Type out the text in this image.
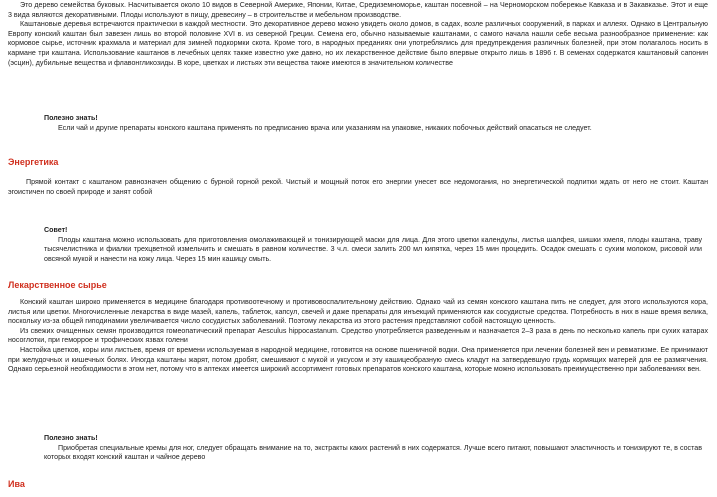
Это дерево семейства буковых. Насчитывается около 10 видов в Северной Америке, Японии, Китае, Средиземноморье, каштан посевной – на Черноморском побережье Кавказа и в Закавказье. Этот и еще 3 вида являются декоративными. Плоды используют в пищу, древесину – в строительстве и мебельном производстве.

Каштановые деревья встречаются практически в каждой местности. Это декоративное дерево можно увидеть около домов, в садах, возле различных сооружений, в парках и аллеях. Однако в Центральную Европу конский каштан был завезен лишь во второй половине XVI в. из северной Греции. Семена его, обычно называемые каштанами, с самого начала нашли себе весьма разнообразное применение: как кормовое сырье, источник крахмала и материал для зимней подкормки скота. Кроме того, в народных преданиях они употреблялись для предупреждения различных болезней, при этом полагалось носить в кармане три каштана. Использование каштанов в лечебных целях также известно уже давно, но их лекарственное действие было впервые открыто лишь в 1896 г. В семенах содержатся каштановый сапонин (эсцин), дубильные вещества и флавонгликозиды. В коре, цветках и листьях эти вещества также имеются в значительном количестве

Полезно знать!

Если чай и другие препараты конского каштана применять по предписанию врача или указаниям на упаковке, никаких побочных действий опасаться не следует.

Энергетика

Прямой контакт с каштаном равнозначен общению с бурной горной рекой. Чистый и мощный поток его энергии унесет все недомогания, но энергетической подпитки ждать от него не стоит. Каштан эгоистичен по своей природе и занят собой

Совет!

Плоды каштана можно использовать для приготовления омолаживающей и тонизирующей маски для лица. Для этого цветки календулы, листья шалфея, шишки хмеля, плоды каштана, траву тысячелистника и фиалки трехцветной измельчить и смешать в равном количестве. 3 ч.л. смеси залить 200 мл кипятка, через 15 мин процедить. Осадок смешать с сухим молоком, рисовой или овсяной мукой и нанести на кожу лица. Через 15 мин кашицу смыть.

Лекарственное сырье

Конский каштан широко применяется в медицине благодаря противоотечному и противовоспалительному действию. Однако чай из семян конского каштана пить не следует, для этого используются кора, листья или цветки. Многочисленные лекарства в виде мазей, капель, таблеток, капсул, свечей и даже препараты для инъекций применяются как сосудистые средства. Потребность в них в наше время велика, поскольку из-за общей гиподинамии увеличивается число сосудистых заболеваний. Поэтому лекарства из этого растения представляют собой настоящую ценность.

Из свежих очищенных семян производится гомеопатический препарат Aesculus hippocastanum. Средство употребляется разведенным и назначается 2–3 раза в день по несколько капель при сухих катарах носоглотки, при геморрое и трофических язвах голени

Настойка цветков, коры или листьев, время от времени используемая в народной медицине, готовится на основе пшеничной водки. Она применяется при лечении болезней вен и ревматизме. Ее принимают при желудочных и кишечных болях. Иногда каштаны жарят, потом дробят, смешивают с мукой и уксусом и эту кашицеобразную смесь кладут на затвердевшую грудь кормящих матерей для ее размягчения. Однако серьезной необходимости в этом нет, потому что в аптеках имеется широкий ассортимент готовых препаратов конского каштана, которые можно использовать преимущественно при заболеваниях вен.

Полезно знать!

Приобретая специальные кремы для ног, следует обращать внимание на то, экстракты каких растений в них содержатся. Лучше всего питают, повышают эластичность и тонизируют те, в состав которых входят конский каштан и чайное дерево

Ива
